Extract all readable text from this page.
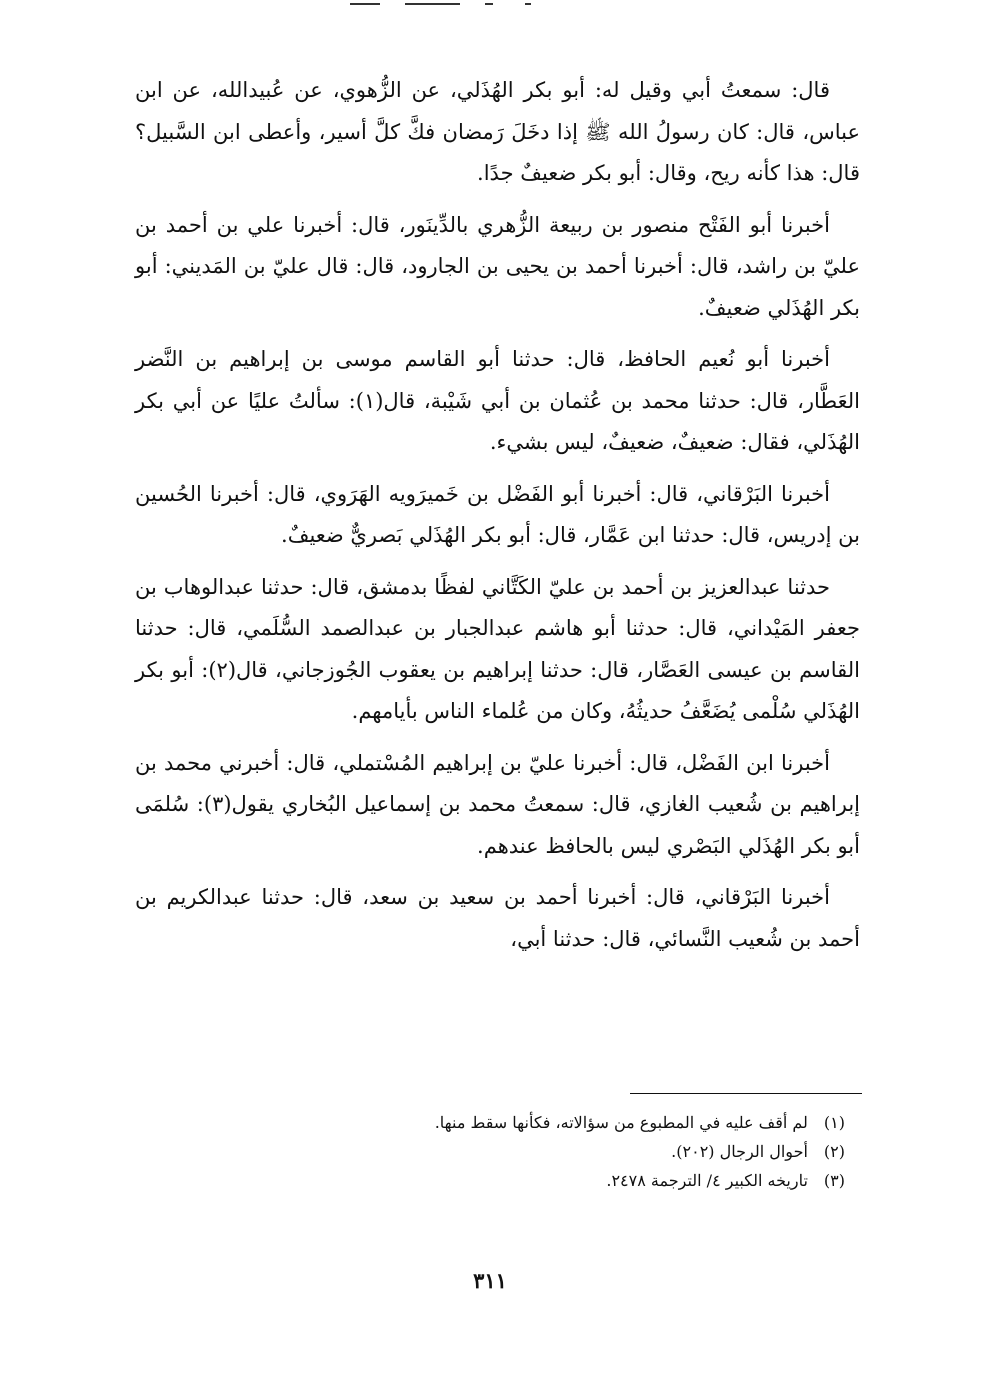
قال: سمعتُ أبي وقيل له: أبو بكر الهُذَلي، عن الزُّهوي، عن عُبيدالله، عن ابن عباس، قال: كان رسولُ الله ﷺ إذا دخَلَ رَمضان فكَّ كلَّ أسير، وأعطى ابن السَّبيل؟ قال: هذا كأنه ريح، وقال: أبو بكر ضعيفٌ جدًا.

أخبرنا أبو الفَتْح منصور بن ربيعة الزُّهري بالدِّينَور، قال: أخبرنا علي بن أحمد بن عليّ بن راشد، قال: أخبرنا أحمد بن يحيى بن الجارود، قال: قال عليّ بن المَديني: أبو بكر الهُذَلي ضعيفٌ.

أخبرنا أبو نُعيم الحافظ، قال: حدثنا أبو القاسم موسى بن إبراهيم بن النَّضر العَطَّار، قال: حدثنا محمد بن عُثمان بن أبي شَيْبة، قال(١): سألتُ عليًا عن أبي بكر الهُذَلي، فقال: ضعيفٌ، ضعيفٌ، ليس بشيء.

أخبرنا البَرْقاني، قال: أخبرنا أبو الفَضْل بن خَميرَويه الهَرَوي، قال: أخبرنا الحُسين بن إدريس، قال: حدثنا ابن عَمَّار، قال: أبو بكر الهُذَلي بَصريٌّ ضعيفٌ.

حدثنا عبدالعزيز بن أحمد بن عليّ الكَتَّاني لفظًا بدمشق، قال: حدثنا عبدالوهاب بن جعفر المَيْداني، قال: حدثنا أبو هاشم عبدالجبار بن عبدالصمد السُّلَمي، قال: حدثنا القاسم بن عيسى العَصَّار، قال: حدثنا إبراهيم بن يعقوب الجُوزجاني، قال(٢): أبو بكر الهُذَلي سُلْمى يُضَعَّفُ حديثُهُ، وكان من عُلماء الناس بأيامهم.

أخبرنا ابن الفَضْل، قال: أخبرنا عليّ بن إبراهيم المُسْتملي، قال: أخبرني محمد بن إبراهيم بن شُعيب الغازي، قال: سمعتُ محمد بن إسماعيل البُخاري يقول(٣): سُلمَى أبو بكر الهُذَلي البَصْري ليس بالحافظ عندهم.

أخبرنا البَرْقاني، قال: أخبرنا أحمد بن سعيد بن سعد، قال: حدثنا عبدالكريم بن أحمد بن شُعيب النَّسائي، قال: حدثنا أبي،

(١)لم أقف عليه في المطبوع من سؤالاته، فكأنها سقط منها.

(٢)أحوال الرجال (٢٠٢).

(٣)تاريخه الكبير ٤/ الترجمة ٢٤٧٨.

٣١١
